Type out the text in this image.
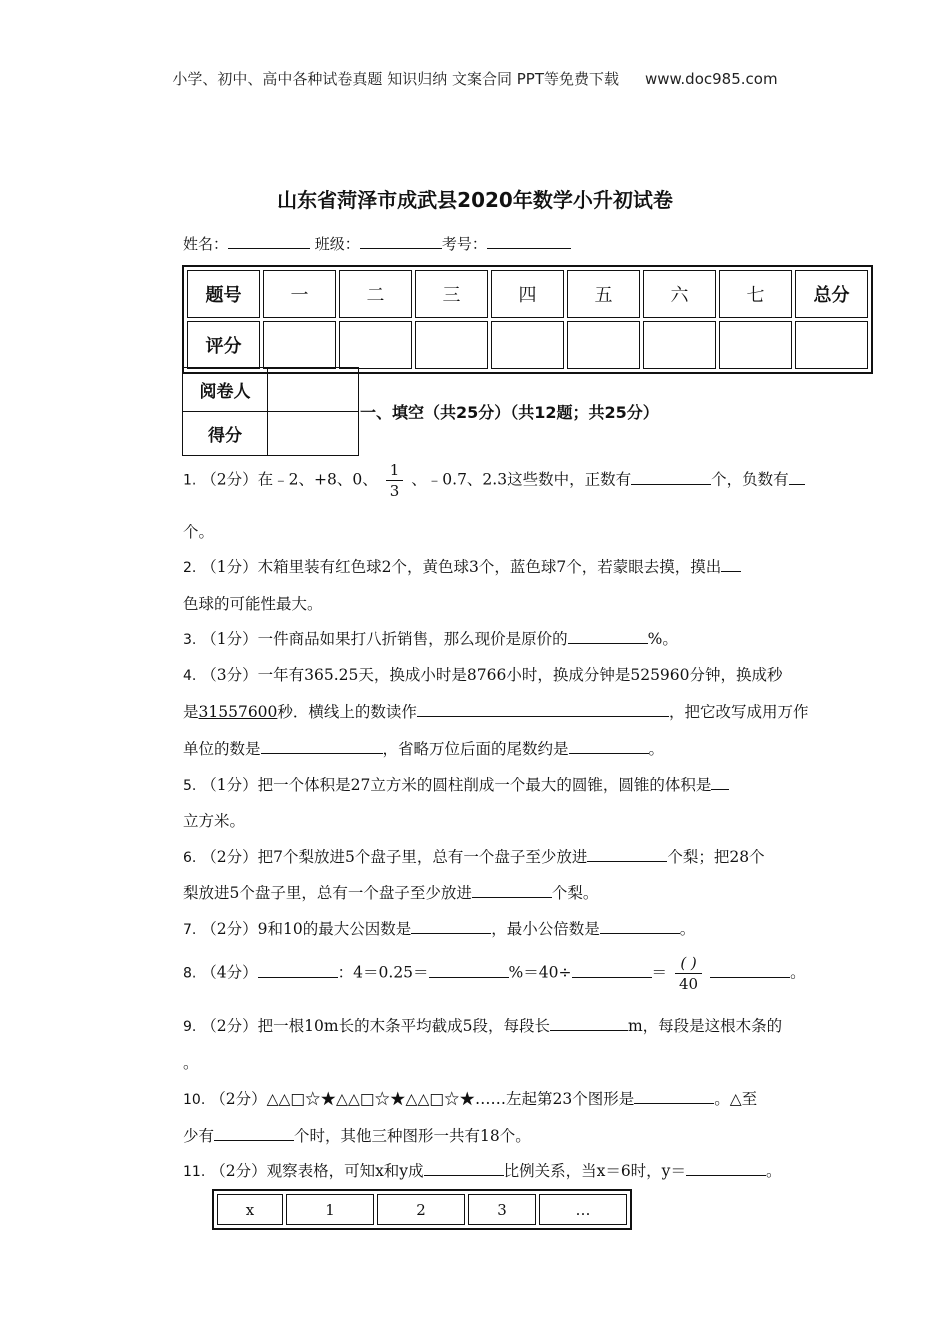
小学、初中、高中各种试卷真题 知识归纳 文案合同 PPT等免费下载 www.doc985.com
山东省菏泽市成武县2020年数学小升初试卷
姓名：	班级：	考号：
题号	一	二	三	四	五	六	七	总分
评分								
阅卷人	
得分	
一、填空（共25分）（共12题；共25分）
1. （2分）在﹣2、+8、0、 $\frac{1}{3}$ 、﹣0.7、2.3这些数中，正数有	个，负数有
个。
2. （1分）木箱里装有红色球2个，黄色球3个，蓝色球7个，若蒙眼去摸，摸出
色球的可能性最大。
3. （1分）一件商品如果打八折销售，那么现价是原价的	%。
4. （3分）一年有365.25天，换成小时是8766小时，换成分钟是525960分钟，换成秒
是31557600秒．横线上的数读作	，把它改写成用万作
单位的数是	，省略万位后面的尾数约是	。
5. （1分）把一个体积是27立方米的圆柱削成一个最大的圆锥，圆锥的体积是
立方米。
6. （2分）把7个梨放进5个盘子里，总有一个盘子至少放进	个梨；把28个
梨放进5个盘子里，总有一个盘子至少放进	个梨。
7. （2分）9和10的最大公因数是	，最小公倍数是	。
8. （4分）	：4＝0.25＝	%＝40÷	＝ $\frac{( )}{40}$	。
9. （2分）把一根10m长的木条平均截成5段，每段长	m，每段是这根木条的
。
10. （2分）△△□☆★△△□☆★△△□☆★……左起第23个图形是	。△至
少有	个时，其他三种图形一共有18个。
11. （2分）观察表格，可知x和y成	比例关系，当x＝6时，y＝	。
x	1	2	3	…
